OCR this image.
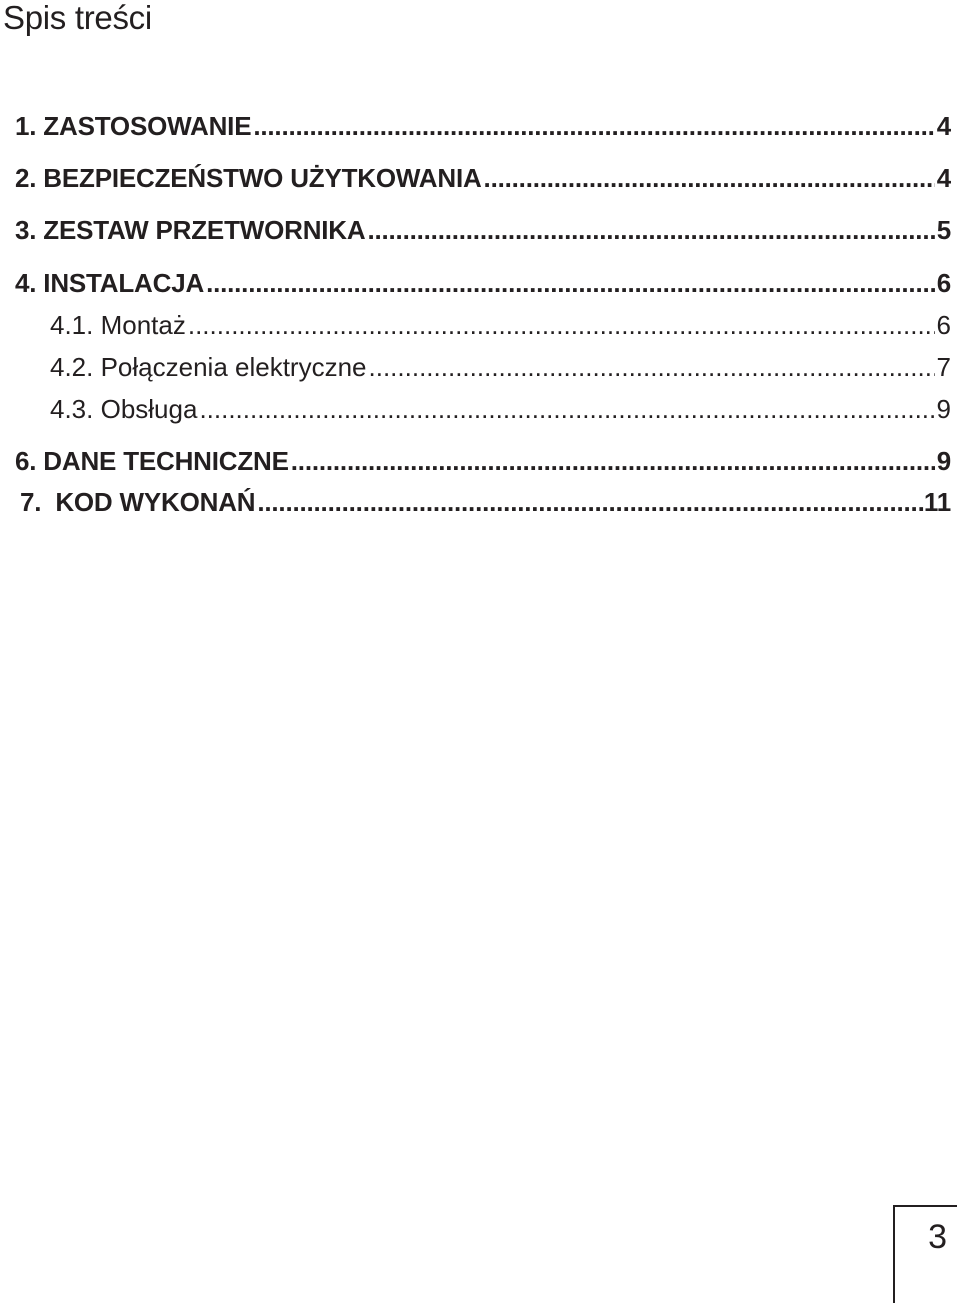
Spis treści
1. ZASTOSOWANIE .....	4
2. BEZPIECZEŃSTWO UŻYTKOWANIA .....	4
3. ZESTAW PRZETWORNIKA .....	5
4. INSTALACJA .....	6
4.1. Montaż .....	6
4.2. Połączenia elektryczne .....	7
4.3. Obsługa .....	9
6. DANE TECHNICZNE .....	9
7.  KOD WYKONAŃ .....	11
3
